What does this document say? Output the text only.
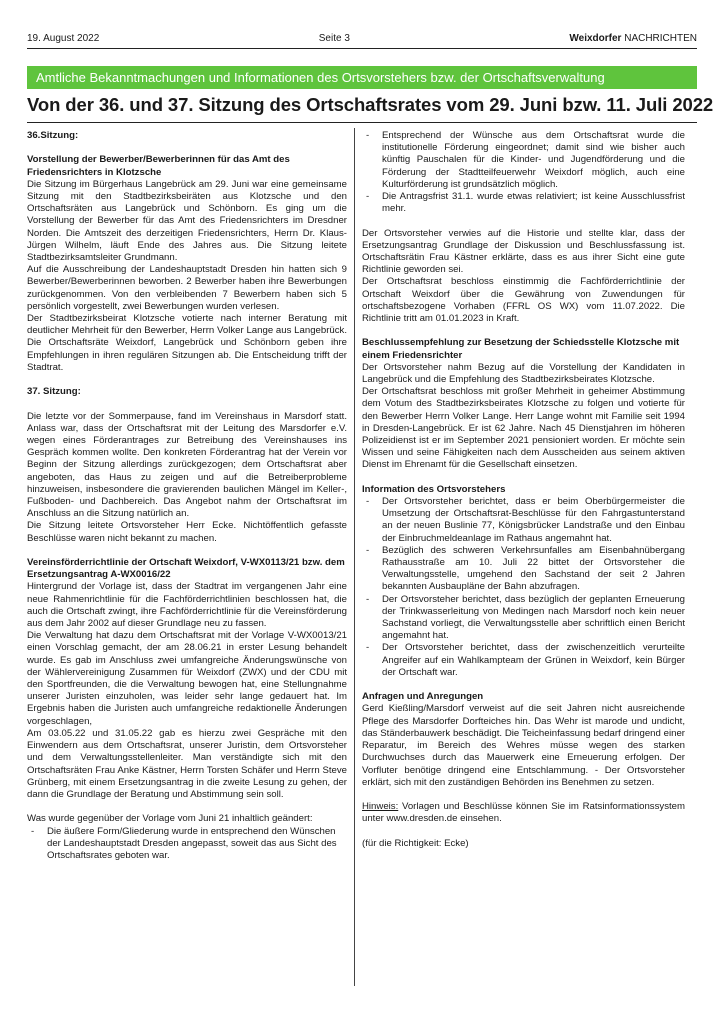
19. August 2022	Seite 3	Weixdorfer NACHRICHTEN
Amtliche Bekanntmachungen und Informationen des Ortsvorstehers bzw. der Ortschaftsverwaltung
Von der 36. und 37. Sitzung des Ortschaftsrates vom 29. Juni bzw. 11. Juli 2022

36.Sitzung:

Vorstellung der Bewerber/Bewerberinnen für das Amt des Friedensrichters in Klotzsche

Die Sitzung im Bürgerhaus Langebrück am 29. Juni war eine gemeinsame Sitzung mit den Stadtbezirksbeiräten aus Klotzsche und den Ortschaftsräten aus Langebrück und Schönborn. Es ging um die Vorstellung der Bewerber für das Amt des Friedensrichters im Dresdner Norden. Die Amtszeit des derzeitigen Friedensrichters, Herrn Dr. Klaus-Jürgen Wilhelm, läuft Ende des Jahres aus. Die Sitzung leitete Stadtbezirksamtsleiter Grundmann.

Auf die Ausschreibung der Landeshauptstadt Dresden hin hatten sich 9 Bewerber/Bewerberinnen beworben. 2 Bewerber haben ihre Bewerbungen zurückgenommen. Von den verbleibenden 7 Bewerbern haben sich 5 persönlich vorgestellt, zwei Bewerbungen wurden verlesen.

Der Stadtbezirksbeirat Klotzsche votierte nach interner Beratung mit deutlicher Mehrheit für den Bewerber, Herrn Volker Lange aus Langebrück. Die Ortschaftsräte Weixdorf, Langebrück und Schönborn geben ihre Empfehlungen in ihren regulären Sitzungen ab. Die Entscheidung trifft der Stadtrat.

37. Sitzung:

Die letzte vor der Sommerpause, fand im Vereinshaus in Marsdorf statt. Anlass war, dass der Ortschaftsrat mit der Leitung des Marsdorfer e.V. wegen eines Förderantrages zur Betreibung des Vereinshauses ins Gespräch kommen wollte. Den konkreten Förderantrag hat der Verein vor Beginn der Sitzung allerdings zurückgezogen; dem Ortschaftsrat aber angeboten, das Haus zu zeigen und auf die Betreiberprobleme hinzuweisen, insbesondere die gravierenden baulichen Mängel im Keller-, Fußboden- und Dachbereich. Das Angebot nahm der Ortschaftsrat im Anschluss an die Sitzung natürlich an.

Die Sitzung leitete Ortsvorsteher Herr Ecke. Nichtöffentlich gefasste Beschlüsse waren nicht bekannt zu machen.

Vereinsförderrichtlinie der Ortschaft Weixdorf, V-WX0113/21 bzw. dem Ersetzungsantrag A-WX0016/22

Hintergrund der Vorlage ist, dass der Stadtrat im vergangenen Jahr eine neue Rahmenrichtlinie für die Fachförderrichtlinien beschlossen hat, die auch die Ortschaft zwingt, ihre Fachförderrichtlinie für die Vereinsförderung aus dem Jahr 2002 auf dieser Grundlage neu zu fassen.

Die Verwaltung hat dazu dem Ortschaftsrat mit der Vorlage V-WX0013/21 einen Vorschlag gemacht, der am 28.06.21 in erster Lesung behandelt wurde. Es gab im Anschluss zwei umfangreiche Änderungswünsche von der Wählervereinigung Zusammen für Weixdorf (ZWX) und der CDU mit den Sportfreunden, die die Verwaltung bewogen hat, eine Stellungnahme unserer Juristen einzuholen, was leider sehr lange gedauert hat. Im Ergebnis haben die Juristen auch umfangreiche redaktionelle Änderungen vorgeschlagen,

Am 03.05.22 und 31.05.22 gab es hierzu zwei Gespräche mit den Einwendern aus dem Ortschaftsrat, unserer Juristin, dem Ortsvorsteher und dem Verwaltungsstellenleiter. Man verständigte sich mit den Ortschaftsräten Frau Anke Kästner, Herrn Torsten Schäfer und Herrn Steve Grünberg, mit einem Ersetzungsantrag in die zweite Lesung zu gehen, der dann die Grundlage der Beratung und Abstimmung sein soll.

Was wurde gegenüber der Vorlage vom Juni 21 inhaltlich geändert:

- Die äußere Form/Gliederung wurde in entsprechend den Wünschen der Landeshauptstadt Dresden angepasst, soweit das aus Sicht des Ortschaftsrates geboten war.
- Entsprechend der Wünsche aus dem Ortschaftsrat wurde die institutionelle Förderung eingeordnet; damit sind wie bisher auch künftig Pauschalen für die Kinder- und Jugendförderung und die Förderung der Stadtteilfeuerwehr Weixdorf möglich, auch eine Kulturförderung ist grundsätzlich möglich.
- Die Antragsfrist 31.1. wurde etwas relativiert; ist keine Ausschlussfrist mehr.

Der Ortsvorsteher verwies auf die Historie und stellte klar, dass der Ersetzungsantrag Grundlage der Diskussion und Beschlussfassung ist. Ortschaftsrätin Frau Kästner erklärte, dass es aus ihrer Sicht eine gute Richtlinie geworden sei.

Der Ortschaftsrat beschloss einstimmig die Fachförderrichtlinie der Ortschaft Weixdorf über die Gewährung von Zuwendungen für ortschaftsbezogene Vorhaben (FFRL OS WX) vom 11.07.2022. Die Richtlinie tritt am 01.01.2023 in Kraft.

Beschlussempfehlung zur Besetzung der Schiedsstelle Klotzsche mit einem Friedensrichter

Der Ortsvorsteher nahm Bezug auf die Vorstellung der Kandidaten in Langebrück und die Empfehlung des Stadtbezirksbeirates Klotzsche.

Der Ortschaftsrat beschloss mit großer Mehrheit in geheimer Abstimmung dem Votum des Stadtbezirksbeirates Klotzsche zu folgen und votierte für den Bewerber Herrn Volker Lange. Herr Lange wohnt mit Familie seit 1994 in Dresden-Langebrück. Er ist 62 Jahre. Nach 45 Dienstjahren im höheren Polizeidienst ist er im September 2021 pensioniert worden. Er möchte sein Wissen und seine Fähigkeiten nach dem Ausscheiden aus seinem aktiven Dienst im Ehrenamt für die Gesellschaft einsetzen.

Information des Ortsvorstehers

- Der Ortsvorsteher berichtet, dass er beim Oberbürgermeister die Umsetzung der Ortschaftsrat-Beschlüsse für den Fahrgastunterstand an der neuen Buslinie 77, Königsbrücker Landstraße und den Einbau der Einbruchmeldeanlage im Rathaus angemahnt hat.
- Bezüglich des schweren Verkehrsunfalles am Eisenbahnübergang Rathausstraße am 10. Juli 22 bittet der Ortsvorsteher die Verwaltungsstelle, umgehend den Sachstand der seit 2 Jahren bekannten Ausbaupläne der Bahn abzufragen.
- Der Ortsvorsteher berichtet, dass bezüglich der geplanten Erneuerung der Trinkwasserleitung von Medingen nach Marsdorf noch kein neuer Sachstand vorliegt, die Verwaltungsstelle aber schriftlich einen Bericht angemahnt hat.
- Der Ortsvorsteher berichtet, dass der zwischenzeitlich verurteilte Angreifer auf ein Wahlkampteam der Grünen in Weixdorf, kein Bürger der Ortschaft war.

Anfragen und Anregungen

Gerd Kießling/Marsdorf verweist auf die seit Jahren nicht ausreichende Pflege des Marsdorfer Dorfteiches hin. Das Wehr ist marode und undicht, das Ständerbauwerk beschädigt. Die Teicheinfassung bedarf dringend einer Reparatur, im Bereich des Wehres müsse wegen des starken Durchwuchses durch das Mauerwerk eine Erneuerung erfolgen. Der Vorfluter benötige dringend eine Entschlammung. - Der Ortsvorsteher erklärt, sich mit den zuständigen Behörden ins Benehmen zu setzen.

Hinweis: Vorlagen und Beschlüsse können Sie im Ratsinformationssystem unter www.dresden.de einsehen.

(für die Richtigkeit: Ecke)
